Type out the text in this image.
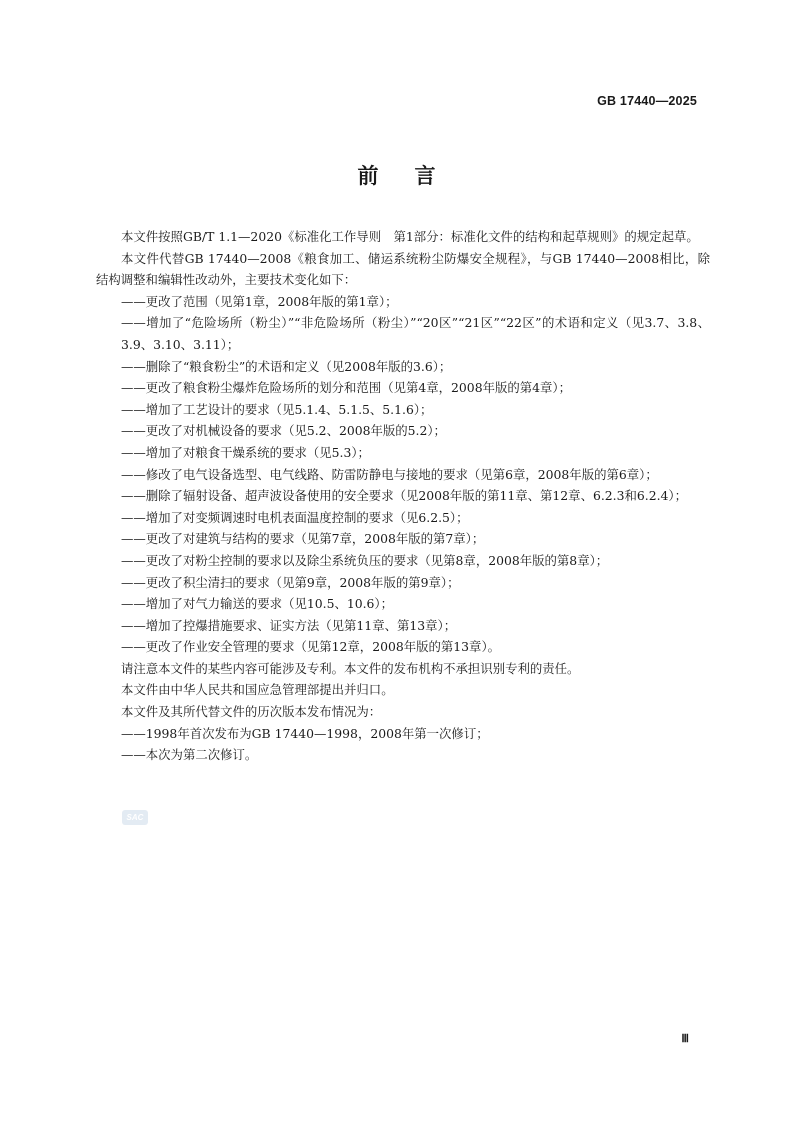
GB 17440—2025
前言

本文件按照GB/T 1.1—2020《标准化工作导则　第1部分：标准化文件的结构和起草规则》的规定起草。

本文件代替GB 17440—2008《粮食加工、储运系统粉尘防爆安全规程》，与GB 17440—2008相比，除结构调整和编辑性改动外，主要技术变化如下：

——更改了范围（见第1章，2008年版的第1章）；

——增加了“危险场所（粉尘）”“非危险场所（粉尘）”“20区”“21区”“22区”的术语和定义（见3.7、3.8、3.9、3.10、3.11）；

——删除了“粮食粉尘”的术语和定义（见2008年版的3.6）；

——更改了粮食粉尘爆炸危险场所的划分和范围（见第4章，2008年版的第4章）；

——增加了工艺设计的要求（见5.1.4、5.1.5、5.1.6）；

——更改了对机械设备的要求（见5.2、2008年版的5.2）；

——增加了对粮食干燥系统的要求（见5.3）；

——修改了电气设备选型、电气线路、防雷防静电与接地的要求（见第6章，2008年版的第6章）；

——删除了辐射设备、超声波设备使用的安全要求（见2008年版的第11章、第12章、6.2.3和6.2.4）；

——增加了对变频调速时电机表面温度控制的要求（见6.2.5）；

——更改了对建筑与结构的要求（见第7章，2008年版的第7章）；

——更改了对粉尘控制的要求以及除尘系统负压的要求（见第8章，2008年版的第8章）；

——更改了积尘清扫的要求（见第9章，2008年版的第9章）；

——增加了对气力输送的要求（见10.5、10.6）；

——增加了控爆措施要求、证实方法（见第11章、第13章）；

——更改了作业安全管理的要求（见第12章，2008年版的第13章）。

请注意本文件的某些内容可能涉及专利。本文件的发布机构不承担识别专利的责任。

本文件由中华人民共和国应急管理部提出并归口。

本文件及其所代替文件的历次版本发布情况为：

——1998年首次发布为GB 17440—1998，2008年第一次修订；

——本次为第二次修订。

SAC
Ⅲ
